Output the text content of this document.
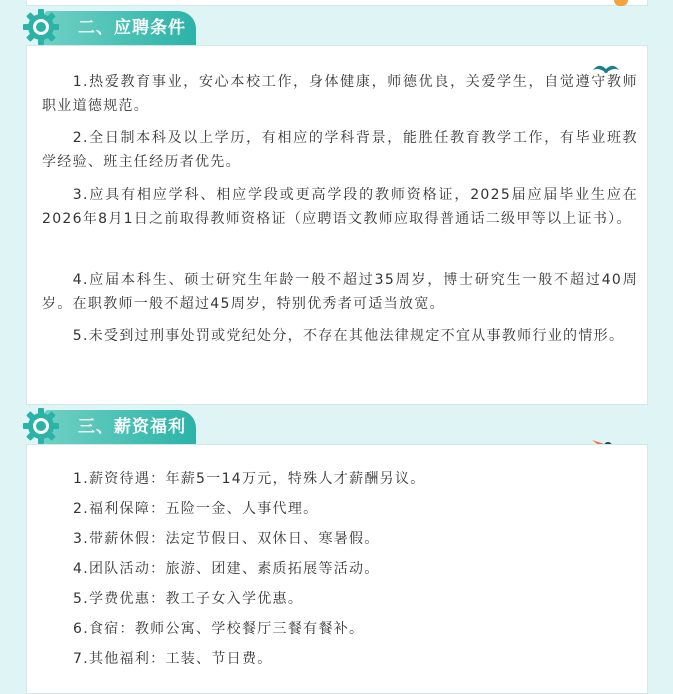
二、应聘条件

1.热爱教育事业，安心本校工作，身体健康，师德优良，关爱学生，自觉遵守教师职业道德规范。

2.全日制本科及以上学历，有相应的学科背景，能胜任教育教学工作，有毕业班教学经验、班主任经历者优先。

3.应具有相应学科、相应学段或更高学段的教师资格证，2025届应届毕业生应在2026年8月1日之前取得教师资格证（应聘语文教师应取得普通话二级甲等以上证书）。

4.应届本科生、硕士研究生年龄一般不超过35周岁，博士研究生一般不超过40周岁。在职教师一般不超过45周岁，特别优秀者可适当放宽。

5.未受到过刑事处罚或党纪处分，不存在其他法律规定不宜从事教师行业的情形。

三、薪资福利

1.薪资待遇：年薪5一14万元，特殊人才薪酬另议。

2.福利保障：五险一金、人事代理。

3.带薪休假：法定节假日、双休日、寒暑假。

4.团队活动：旅游、团建、素质拓展等活动。

5.学费优惠：教工子女入学优惠。

6.食宿：教师公寓、学校餐厅三餐有餐补。

7.其他福利：工装、节日费。
